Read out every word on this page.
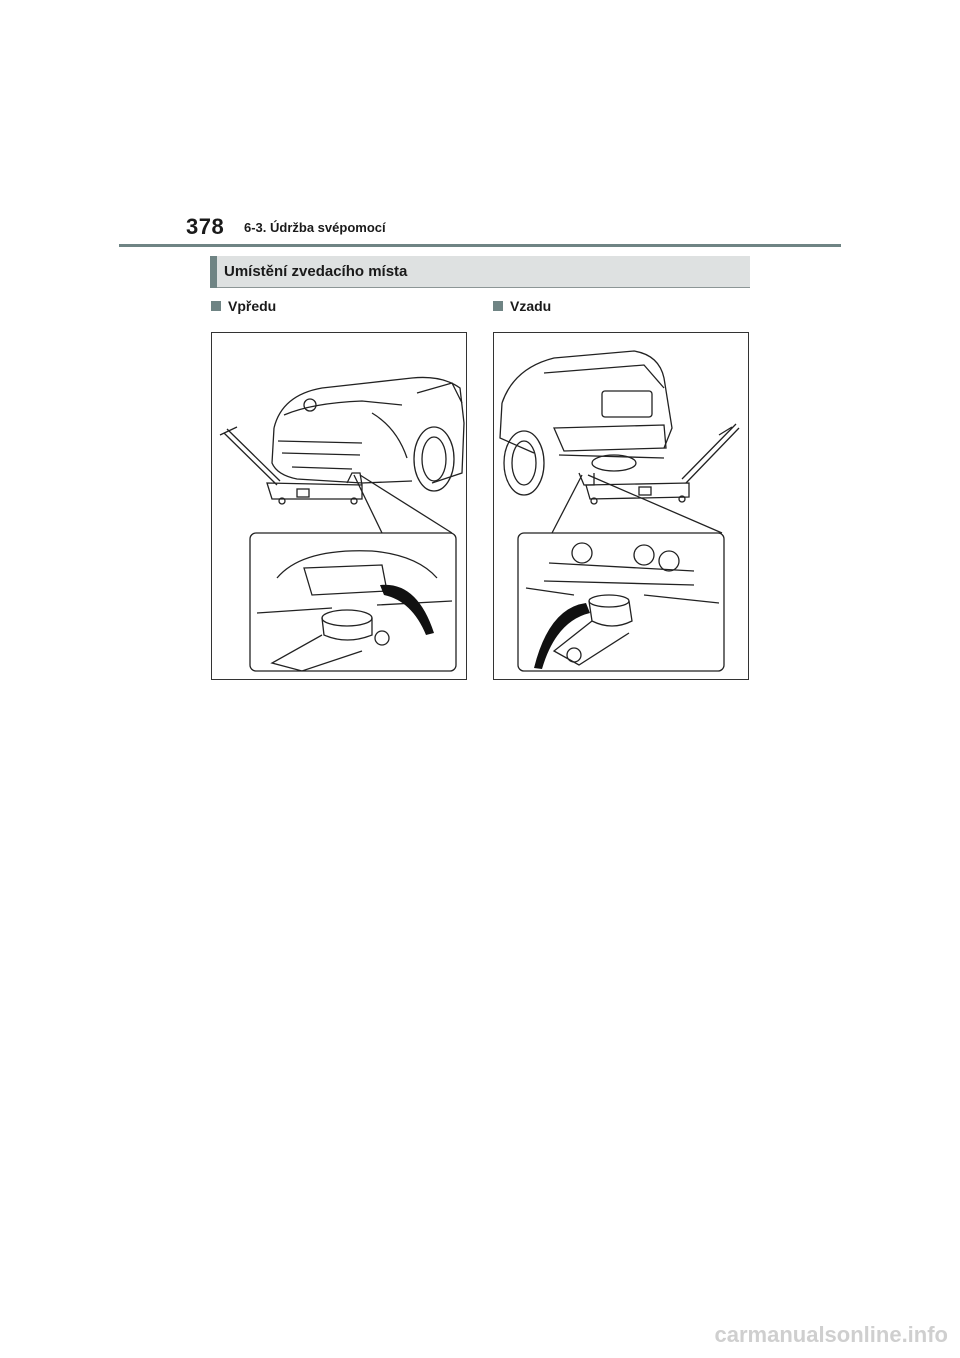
378 6-3. Údržba svépomocí
Umístění zvedacího místa
Vpředu	Vzadu
carmanualsonline.info
